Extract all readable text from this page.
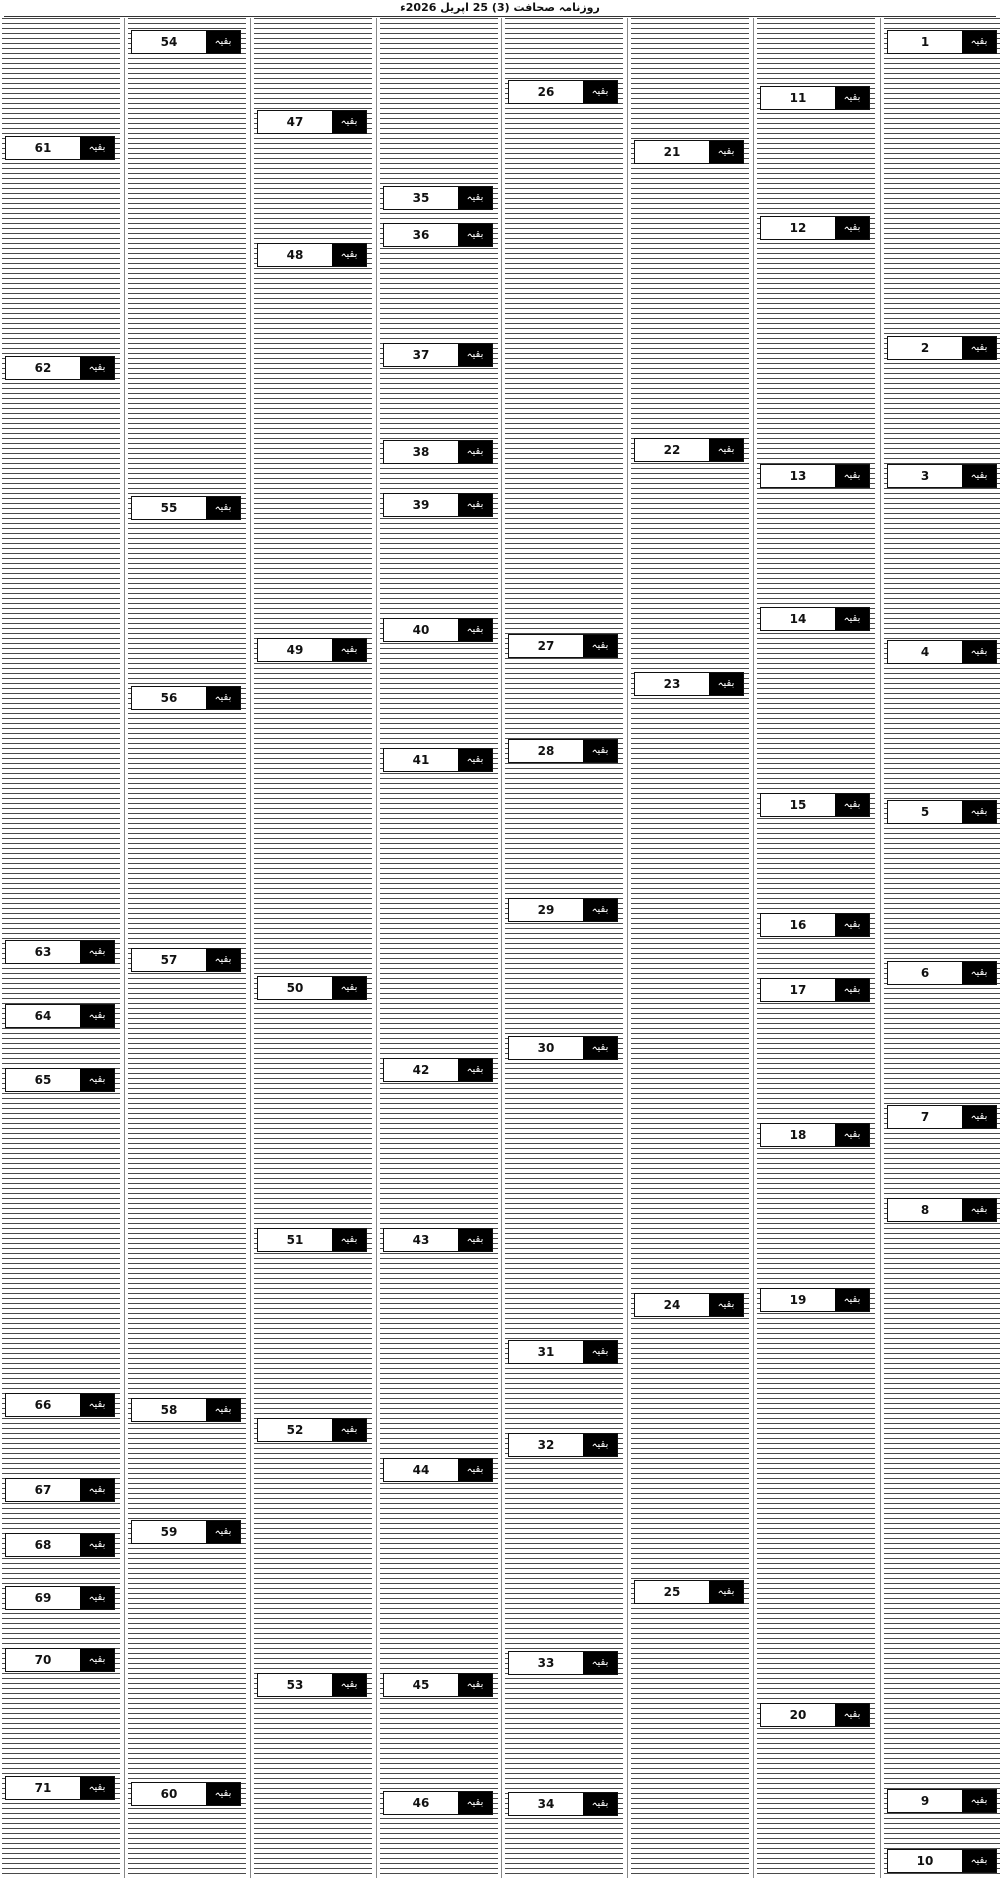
روزنامہ صحافت (3) 25 اپریل 2026ء
1	بقیہ
2	بقیہ
3	بقیہ
4	بقیہ
5	بقیہ
6	بقیہ
7	بقیہ
8	بقیہ
9	بقیہ
10	بقیہ
11	بقیہ
12	بقیہ
13	بقیہ
14	بقیہ
15	بقیہ
16	بقیہ
17	بقیہ
18	بقیہ
19	بقیہ
20	بقیہ
21	بقیہ
22	بقیہ
23	بقیہ
24	بقیہ
25	بقیہ
26	بقیہ
27	بقیہ
28	بقیہ
29	بقیہ
30	بقیہ
31	بقیہ
32	بقیہ
33	بقیہ
34	بقیہ
35	بقیہ
36	بقیہ
37	بقیہ
38	بقیہ
39	بقیہ
40	بقیہ
41	بقیہ
42	بقیہ
43	بقیہ
44	بقیہ
45	بقیہ
46	بقیہ
47	بقیہ
48	بقیہ
49	بقیہ
50	بقیہ
51	بقیہ
52	بقیہ
53	بقیہ
54	بقیہ
55	بقیہ
56	بقیہ
57	بقیہ
58	بقیہ
59	بقیہ
60	بقیہ
61	بقیہ
62	بقیہ
63	بقیہ
64	بقیہ
65	بقیہ
66	بقیہ
67	بقیہ
68	بقیہ
69	بقیہ
70	بقیہ
71	بقیہ
